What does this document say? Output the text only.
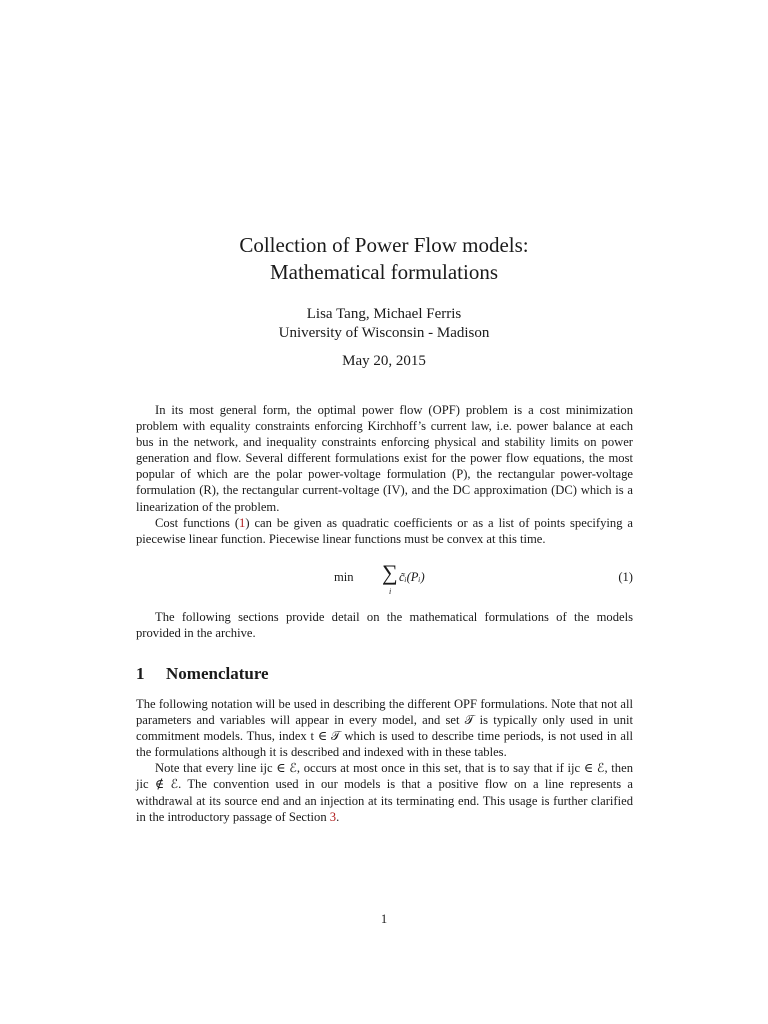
Collection of Power Flow models:
Mathematical formulations
Lisa Tang, Michael Ferris
University of Wisconsin - Madison
May 20, 2015

In its most general form, the optimal power flow (OPF) problem is a cost minimization problem with equality constraints enforcing Kirchhoff’s current law, i.e. power balance at each bus in the network, and inequality constraints enforcing physical and stability limits on power generation and flow. Several different formulations exist for the power flow equations, the most popular of which are the polar power-voltage formulation (P), the rectangular power-voltage formulation (R), the rectangular current-voltage (IV), and the DC approximation (DC) which is a linearization of the problem.

Cost functions (1) can be given as quadratic coefficients or as a list of points specifying a piecewise linear function. Piecewise linear functions must be convex at this time.

min ∑
i
c̃ᵢ(Pᵢ)	(1)

The following sections provide detail on the mathematical formulations of the models provided in the archive.

1 Nomenclature

The following notation will be used in describing the different OPF formulations. Note that not all parameters and variables will appear in every model, and set 𝒯 is typically only used in unit commitment models. Thus, index t ∈ 𝒯 which is used to describe time periods, is not used in all the formulations although it is described and indexed with in these tables.

Note that every line ijc ∈ ℰ, occurs at most once in this set, that is to say that if ijc ∈ ℰ, then jic ∉ ℰ. The convention used in our models is that a positive flow on a line represents a withdrawal at its source end and an injection at its terminating end. This usage is further clarified in the introductory passage of Section 3.

1
